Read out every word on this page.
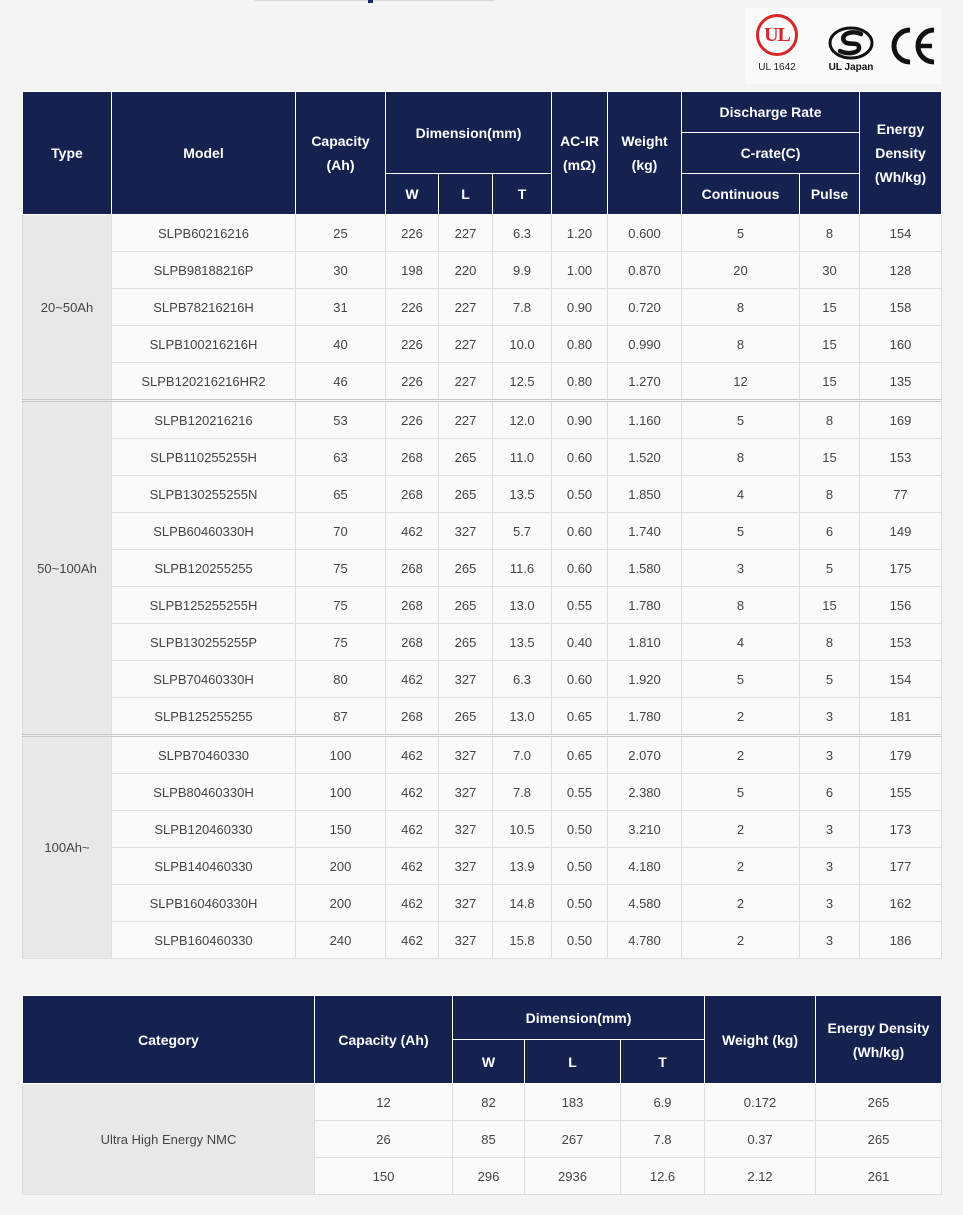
UL
UL 1642	UL Japan
Type	Model	Capacity (Ah)	Dimension(mm)			AC-IR (mΩ)	Weight (kg)	Discharge Rate		Energy Density (Wh/kg)
								C-rate(C)		
			W	L	T			Continuous	Pulse	
20~50Ah	SLPB60216216	25	226	227	6.3	1.20	0.600	5	8	154
	SLPB98188216P	30	198	220	9.9	1.00	0.870	20	30	128
	SLPB78216216H	31	226	227	7.8	0.90	0.720	8	15	158
	SLPB100216216H	40	226	227	10.0	0.80	0.990	8	15	160
	SLPB120216216HR2	46	226	227	12.5	0.80	1.270	12	15	135
50~100Ah	SLPB120216216	53	226	227	12.0	0.90	1.160	5	8	169
	SLPB110255255H	63	268	265	11.0	0.60	1.520	8	15	153
	SLPB130255255N	65	268	265	13.5	0.50	1.850	4	8	77
	SLPB60460330H	70	462	327	5.7	0.60	1.740	5	6	149
	SLPB120255255	75	268	265	11.6	0.60	1.580	3	5	175
	SLPB125255255H	75	268	265	13.0	0.55	1.780	8	15	156
	SLPB130255255P	75	268	265	13.5	0.40	1.810	4	8	153
	SLPB70460330H	80	462	327	6.3	0.60	1.920	5	5	154
	SLPB125255255	87	268	265	13.0	0.65	1.780	2	3	181
100Ah~	SLPB70460330	100	462	327	7.0	0.65	2.070	2	3	179
	SLPB80460330H	100	462	327	7.8	0.55	2.380	5	6	155
	SLPB120460330	150	462	327	10.5	0.50	3.210	2	3	173
	SLPB140460330	200	462	327	13.9	0.50	4.180	2	3	177
	SLPB160460330H	200	462	327	14.8	0.50	4.580	2	3	162
	SLPB160460330	240	462	327	15.8	0.50	4.780	2	3	186
Category	Capacity (Ah)	Dimension(mm)			Weight (kg)	Energy Density (Wh/kg)
		W	L	T		
Ultra High Energy NMC	12	82	183	6.9	0.172	265
	26	85	267	7.8	0.37	265
	150	296	2936	12.6	2.12	261
